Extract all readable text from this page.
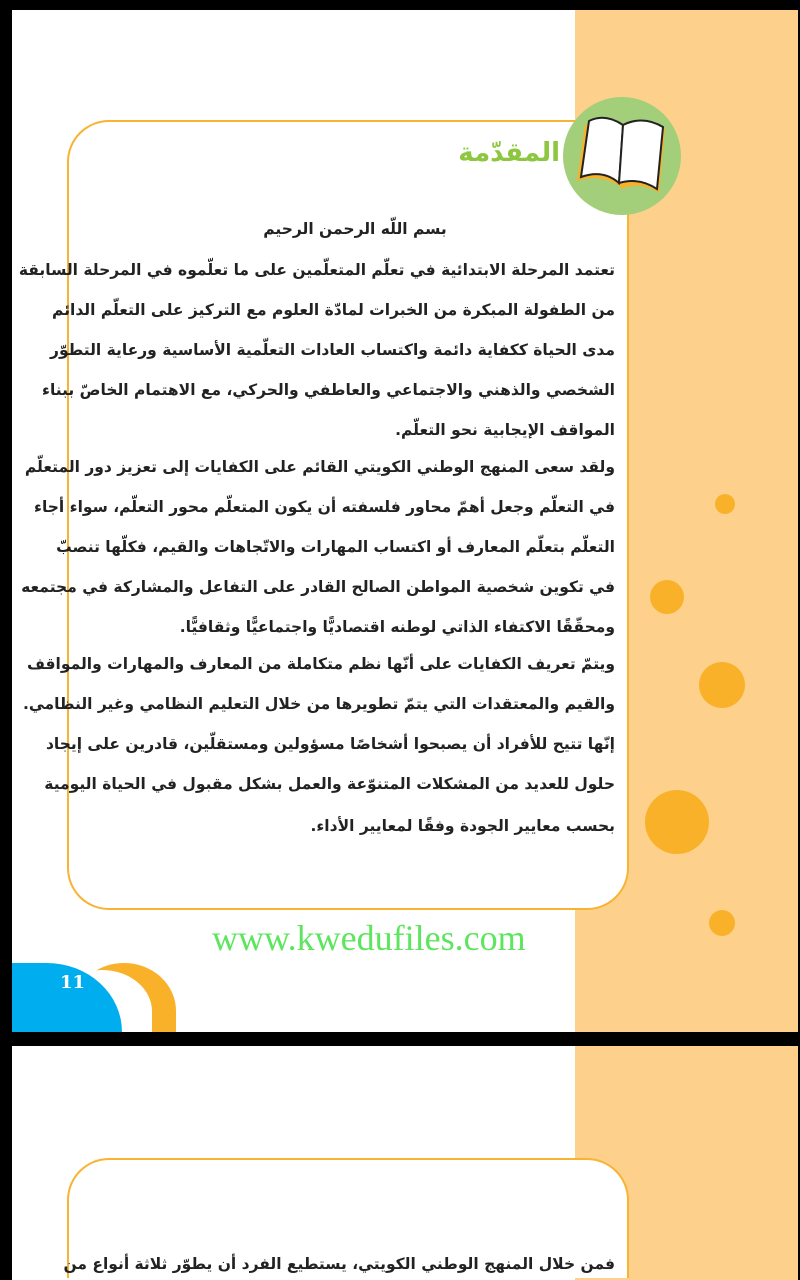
المقدّمة
بسم اللّه الرحمن الرحيم
تعتمد المرحلة الابتدائية في تعلّم المتعلّمين على ما تعلّموه في المرحلة السابقة
من الطفولة المبكرة من الخبرات لمادّة العلوم مع التركيز على التعلّم الدائم
مدى الحياة ككفاية دائمة واكتساب العادات التعلّمية الأساسية ورعاية التطوّر
الشخصي والذهني والاجتماعي والعاطفي والحركي، مع الاهتمام الخاصّ ببناء
المواقف الإيجابية نحو التعلّم.
ولقد سعى المنهج الوطني الكويتي القائم على الكفايات إلى تعزيز دور المتعلّم
في التعلّم وجعل أهمّ محاور فلسفته أن يكون المتعلّم محور التعلّم، سواء أجاء
التعلّم بتعلّم المعارف أو اكتساب المهارات والاتّجاهات والقيم، فكلّها تنصبّ
في تكوين شخصية المواطن الصالح القادر على التفاعل والمشاركة في مجتمعه
ومحقّقًا الاكتفاء الذاتي لوطنه اقتصاديًّا واجتماعيًّا وثقافيًّا.
ويتمّ تعريف الكفايات على أنّها نظم متكاملة من المعارف والمهارات والمواقف
والقيم والمعتقدات التي يتمّ تطويرها من خلال التعليم النظامي وغير النظامي.
إنّها تتيح للأفراد أن يصبحوا أشخاصًا مسؤولين ومستقلّين، قادرين على إيجاد
حلول للعديد من المشكلات المتنوّعة والعمل بشكل مقبول في الحياة اليومية
بحسب معايير الجودة وفقًا لمعايير الأداء.
www.kwedufiles.com
11
فمن خلال المنهج الوطني الكويتي، يستطيع الفرد أن يطوّر ثلاثة أنواع من
